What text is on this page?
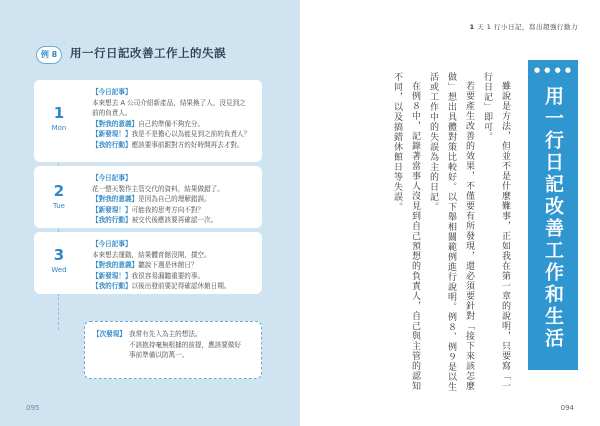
例 8	用一行日記改善工作上的失誤
1
Mon
【今日記事】
本來想去 A 公司介紹新產品，結果換了人，沒見到之
前的負責人。
【對我的意義】自己的準備不夠充分。
【新發現！】我是不是擔心以為能見到之前的負責人？
【我的行動】應該要事前跟對方約好時間再去才對。
2
Tue
【今日記事】
花一整天製作主管交代的資料，結果做錯了。
【對我的意義】是因為自己的理解錯誤。
【新發現！】可能我的思考方向不對？
【我的行動】被交代後應該要再確認一次。
3
Wed
【今日記事】
本來想去運動，結果體育館沒開，撲空。
【對我的意義】聽說下週是休館日？
【新發現！】我很容易漏聽重要的事。
【我的行動】以後出發前要記得確認休館日期。
【次發現】 我常有先入為主的想法。
不該抱持毫無根據的前提，應該要做好
事前準備以防萬一。
095
1 天 1 行小日記，寫出超強行動力
● ● ● ●
用一行日記改善工作和生活

雖說是方法，但並不是什麼難事，正如我在第一章的說明，只要寫「一行日記」即可。

若要產生改善的效果，不僅要有所發現，還必須要針對「接下來該怎麼做」想出具體對策比較好。以下舉相關範例進行說明。例８、例９是以生活或工作中的失誤為主的日記。

在例８中，記錄著當事人沒見到自己預想的負責人，自己與主管的認知不同，以及搞錯休館日等失誤。

094
